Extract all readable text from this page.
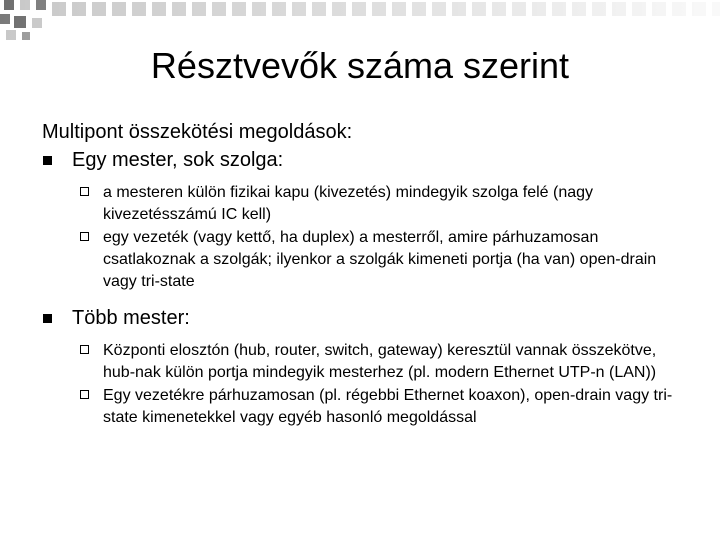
Résztvevők száma szerint

Multipont összekötési megoldások:

Egy mester, sok szolga:

a mesteren külön fizikai kapu (kivezetés) mindegyik szolga felé (nagy kivezetésszámú IC kell)

egy vezeték (vagy kettő, ha duplex) a mesterről, amire párhuzamosan csatlakoznak a szolgák; ilyenkor a szolgák kimeneti portja (ha van) open-drain vagy tri-state

Több mester:

Központi elosztón (hub, router, switch, gateway) keresztül vannak összekötve, hub-nak külön portja mindegyik mesterhez (pl. modern Ethernet UTP-n (LAN))

Egy vezetékre párhuzamosan (pl. régebbi Ethernet koaxon), open-drain vagy tri-state kimenetekkel vagy egyéb hasonló megoldással
